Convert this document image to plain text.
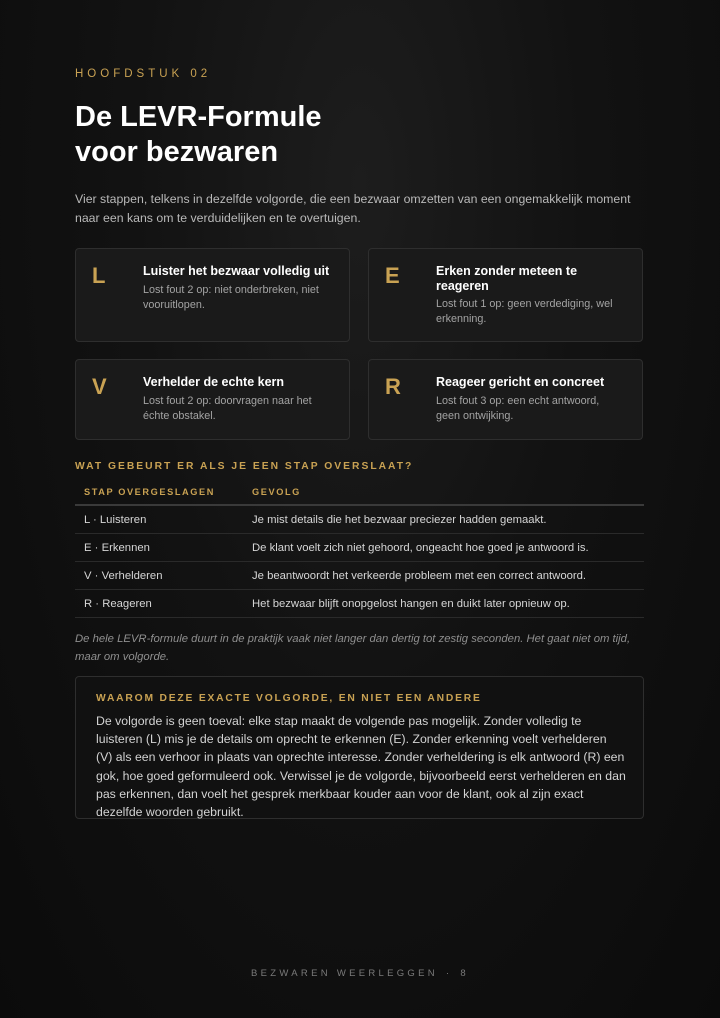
HOOFDSTUK 02
De LEVR-Formule
voor bezwaren
Vier stappen, telkens in dezelfde volgorde, die een bezwaar omzetten van een ongemakkelijk moment naar een kans om te verduidelijken en te overtuigen.
L	Luister het bezwaar volledig uit
Lost fout 2 op: niet onderbreken, niet vooruitlopen.
E	Erken zonder meteen te reageren
Lost fout 1 op: geen verdediging, wel erkenning.
V	Verhelder de echte kern
Lost fout 2 op: doorvragen naar het échte obstakel.
R	Reageer gericht en concreet
Lost fout 3 op: een echt antwoord, geen ontwijking.
WAT GEBEURT ER ALS JE EEN STAP OVERSLAAT?
STAP OVERGESLAGEN	GEVOLG
L · Luisteren	Je mist details die het bezwaar preciezer hadden gemaakt.
E · Erkennen	De klant voelt zich niet gehoord, ongeacht hoe goed je antwoord is.
V · Verhelderen	Je beantwoordt het verkeerde probleem met een correct antwoord.
R · Reageren	Het bezwaar blijft onopgelost hangen en duikt later opnieuw op.
De hele LEVR-formule duurt in de praktijk vaak niet langer dan dertig tot zestig seconden. Het gaat niet om tijd, maar om volgorde.
WAAROM DEZE EXACTE VOLGORDE, EN NIET EEN ANDERE
De volgorde is geen toeval: elke stap maakt de volgende pas mogelijk. Zonder volledig te luisteren (L) mis je de details om oprecht te erkennen (E). Zonder erkenning voelt verhelderen (V) als een verhoor in plaats van oprechte interesse. Zonder verheldering is elk antwoord (R) een gok, hoe goed geformuleerd ook. Verwissel je de volgorde, bijvoorbeeld eerst verhelderen en dan pas erkennen, dan voelt het gesprek merkbaar kouder aan voor de klant, ook al zijn exact dezelfde woorden gebruikt.
BEZWAREN WEERLEGGEN · 8
